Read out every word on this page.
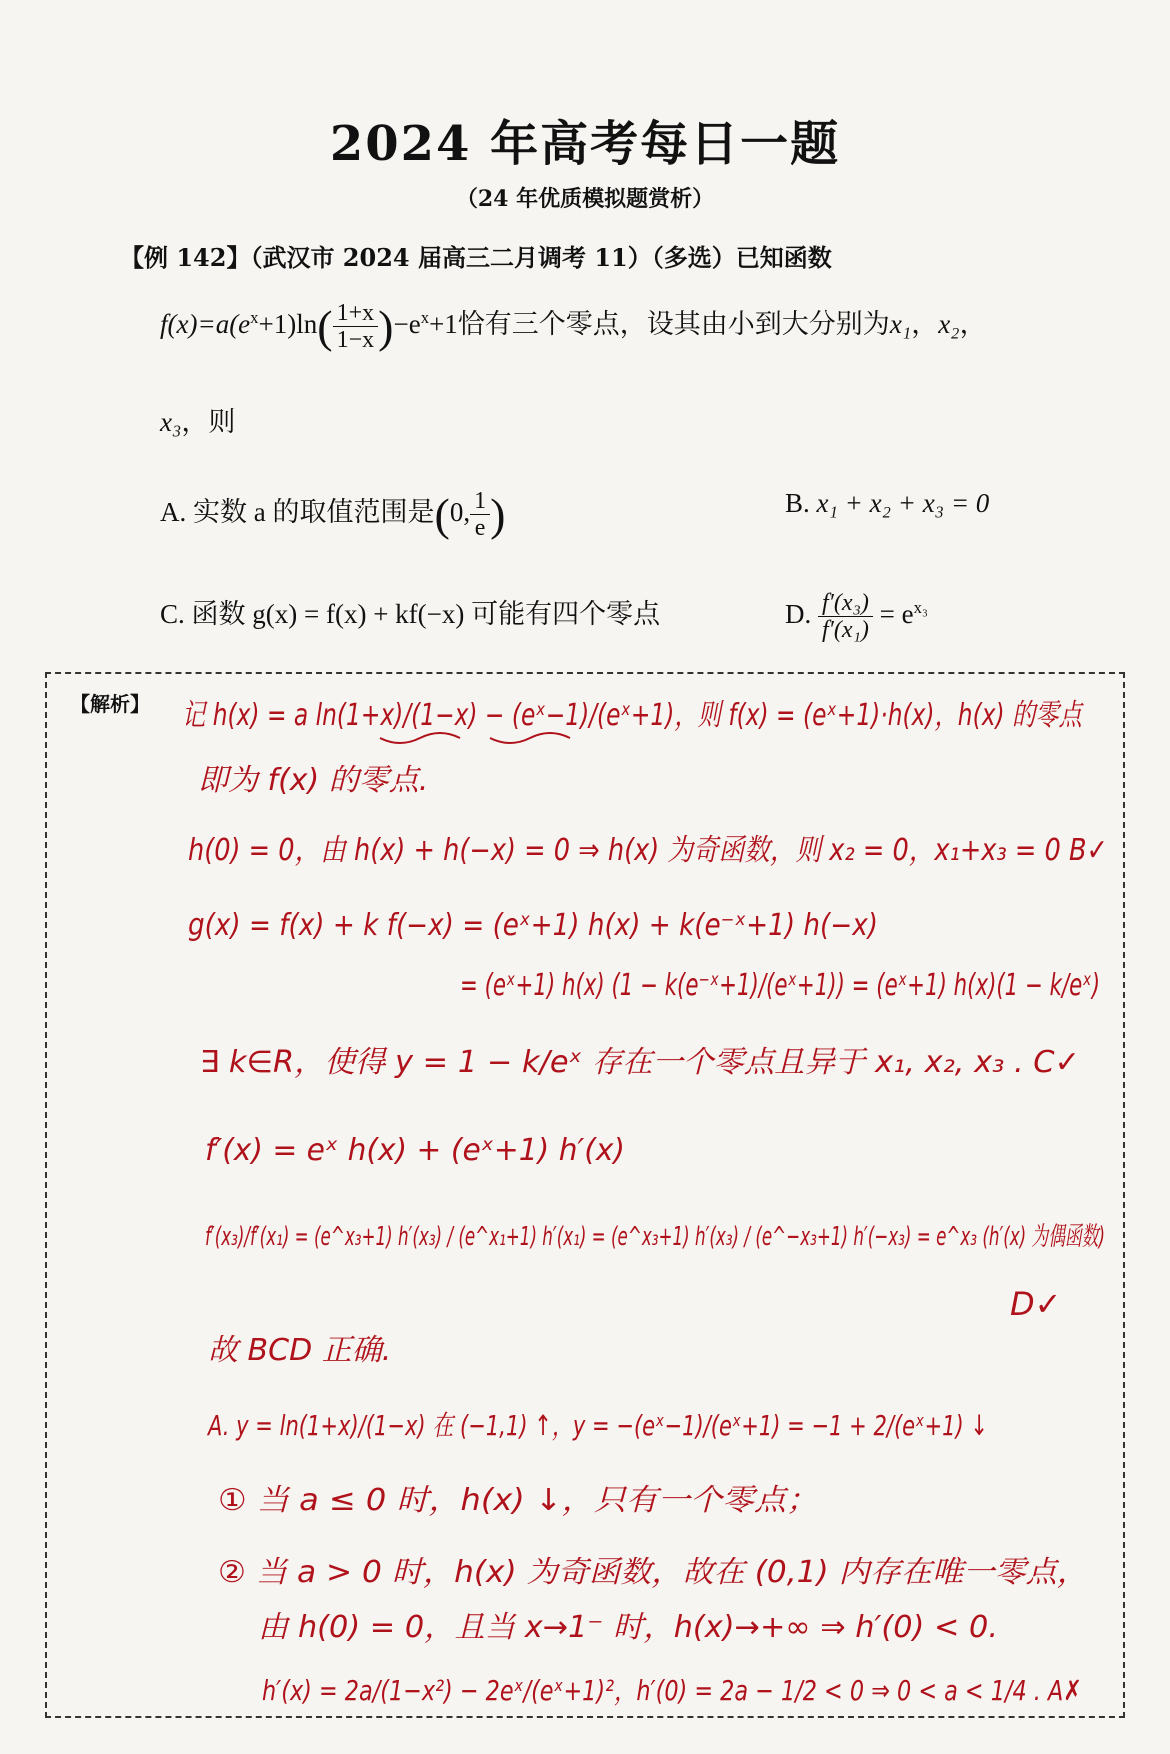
2024 年高考每日一题
（24 年优质模拟题赏析）
【例 142】（武汉市 2024 届高三二月调考 11）（多选）已知函数
$f(x)=a(e^x+1)\ln( \frac{1+x}{1-x} )-e^x+1$恰有三个零点，设其由小到大分别为x₁，x₂，
x₃，则
A. 实数 a 的取值范围是(0, $\frac{1}{e}$ )	B. x₁ + x₂ + x₃ = 0
C. 函数 g(x) = f(x) + kf(−x) 可能有四个零点	D. $\frac{\text{f′(x₃)}}{\text{f′(x₁)}} = e^{x_3}$
【解析】 记 h(x) = a ln(1+x)/(1−x) − (eˣ−1)/(eˣ+1)，则 f(x) = (eˣ+1)·h(x)，h(x) 的零点
即为 f(x) 的零点.
h(0) = 0，由 h(x) + h(−x) = 0 ⇒ h(x) 为奇函数，则 x₂ = 0，x₁+x₃ = 0 B✓
g(x) = f(x) + k f(−x) = (eˣ+1) h(x) + k(e⁻ˣ+1) h(−x)
= (eˣ+1) h(x) (1 − k(e⁻ˣ+1)/(eˣ+1)) = (eˣ+1) h(x)(1 − k/eˣ)
∃ k∈R，使得 y = 1 − k/eˣ 存在一个零点且异于 x₁, x₂, x₃ . C✓
f′(x) = eˣ h(x) + (eˣ+1) h′(x)
f′(x₃)/f′(x₁) = (e^x₃+1) h′(x₃) / (e^x₁+1) h′(x₁) = (e^x₃+1) h′(x₃) / (e^−x₃+1) h′(−x₃) = e^x₃ (h′(x) 为偶函数)
D✓
故 BCD 正确.
A. y = ln(1+x)/(1−x) 在 (−1,1) ↑，y = −(eˣ−1)/(eˣ+1) = −1 + 2/(eˣ+1) ↓
① 当 a ≤ 0 时，h(x) ↓，只有一个零点；
② 当 a > 0 时，h(x) 为奇函数，故在 (0,1) 内存在唯一零点，
由 h(0) = 0，且当 x→1⁻ 时，h(x)→+∞ ⇒ h′(0) < 0.
h′(x) = 2a/(1−x²) − 2eˣ/(eˣ+1)²，h′(0) = 2a − 1/2 < 0 ⇒ 0 < a < 1/4 . A✗
